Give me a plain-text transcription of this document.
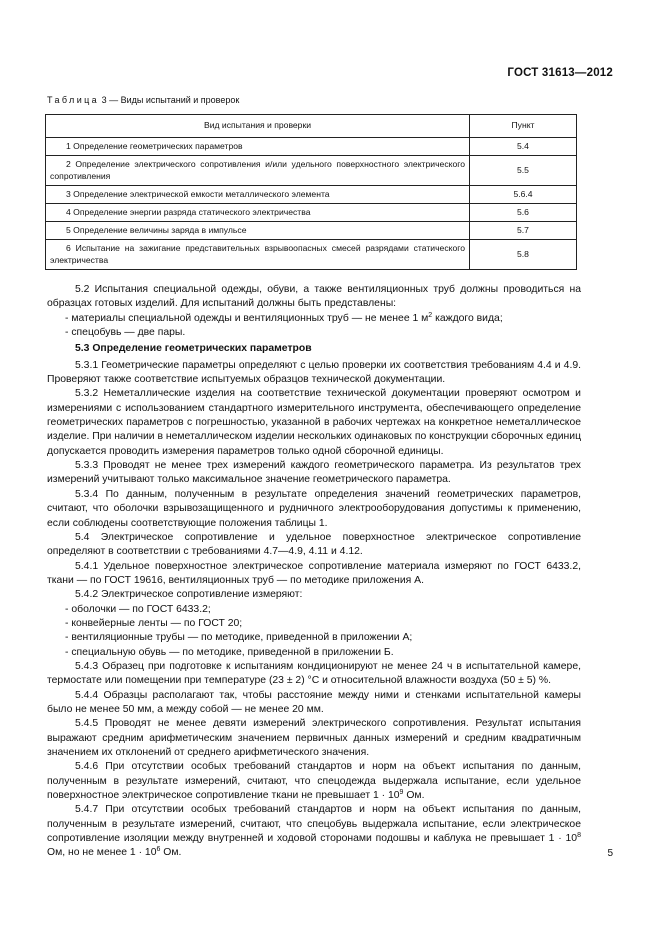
ГОСТ 31613—2012
Таблица 3 — Виды испытаний и проверок
Вид испытания и проверки	Пункт
1 Определение геометрических параметров	5.4
2 Определение электрического сопротивления и/или удельного поверхностного электрического сопротивления	5.5
3 Определение электрической емкости металлического элемента	5.6.4
4 Определение энергии разряда статического электричества	5.6
5 Определение величины заряда в импульсе	5.7
6 Испытание на зажигание представительных взрывоопасных смесей разрядами статического электричества	5.8

5.2 Испытания специальной одежды, обуви, а также вентиляционных труб должны проводиться на образцах готовых изделий. Для испытаний должны быть представлены:

- материалы специальной одежды и вентиляционных труб — не менее 1 $м^2$ каждого вида;

- спецобувь — две пары.

5.3 Определение геометрических параметров

5.3.1 Геометрические параметры определяют с целью проверки их соответствия требованиям 4.4 и 4.9. Проверяют также соответствие испытуемых образцов технической документации.

5.3.2 Неметаллические изделия на соответствие технической документации проверяют осмотром и измерениями с использованием стандартного измерительного инструмента, обеспечивающего определение геометрических параметров с погрешностью, указанной в рабочих чертежах на конкретное неметаллическое изделие. При наличии в неметаллическом изделии нескольких одинаковых по конструкции сборочных единиц допускается проводить измерения параметров только одной сборочной единицы.

5.3.3 Проводят не менее трех измерений каждого геометрического параметра. Из результатов трех измерений учитывают только максимальное значение геометрического параметра.

5.3.4 По данным, полученным в результате определения значений геометрических параметров, считают, что оболочки взрывозащищенного и рудничного электрооборудования допустимы к применению, если соблюдены соответствующие положения таблицы 1.

5.4 Электрическое сопротивление и удельное поверхностное электрическое сопротивление определяют в соответствии с требованиями 4.7—4.9, 4.11 и 4.12.

5.4.1 Удельное поверхностное электрическое сопротивление материала измеряют по ГОСТ 6433.2, ткани — по ГОСТ 19616, вентиляционных труб — по методике приложения А.

5.4.2 Электрическое сопротивление измеряют:

- оболочки — по ГОСТ 6433.2;

- конвейерные ленты — по ГОСТ 20;

- вентиляционные трубы — по методике, приведенной в приложении А;

- специальную обувь — по методике, приведенной в приложении Б.

5.4.3 Образец при подготовке к испытаниям кондиционируют не менее 24 ч в испытательной камере, термостате или помещении при температуре (23 ± 2) °С и относительной влажности воздуха (50 ± 5) %.

5.4.4 Образцы располагают так, чтобы расстояние между ними и стенками испытательной камеры было не менее 50 мм, а между собой — не менее 20 мм.

5.4.5 Проводят не менее девяти измерений электрического сопротивления. Результат испытания выражают средним арифметическим значением первичных данных измерений и средним квадратичным значением их отклонений от среднего арифметического значения.

5.4.6 При отсутствии особых требований стандартов и норм на объект испытания по данным, полученным в результате измерений, считают, что спецодежда выдержала испытание, если удельное поверхностное электрическое сопротивление ткани не превышает $1 \cdot 10^9$ Ом.

5.4.7 При отсутствии особых требований стандартов и норм на объект испытания по данным, полученным в результате измерений, считают, что спецобувь выдержала испытание, если электрическое сопротивление изоляции между внутренней и ходовой сторонами подошвы и каблука не превышает $1 \cdot 10^8$ Ом, но не менее $1 \cdot 10^6$ Ом.	5
